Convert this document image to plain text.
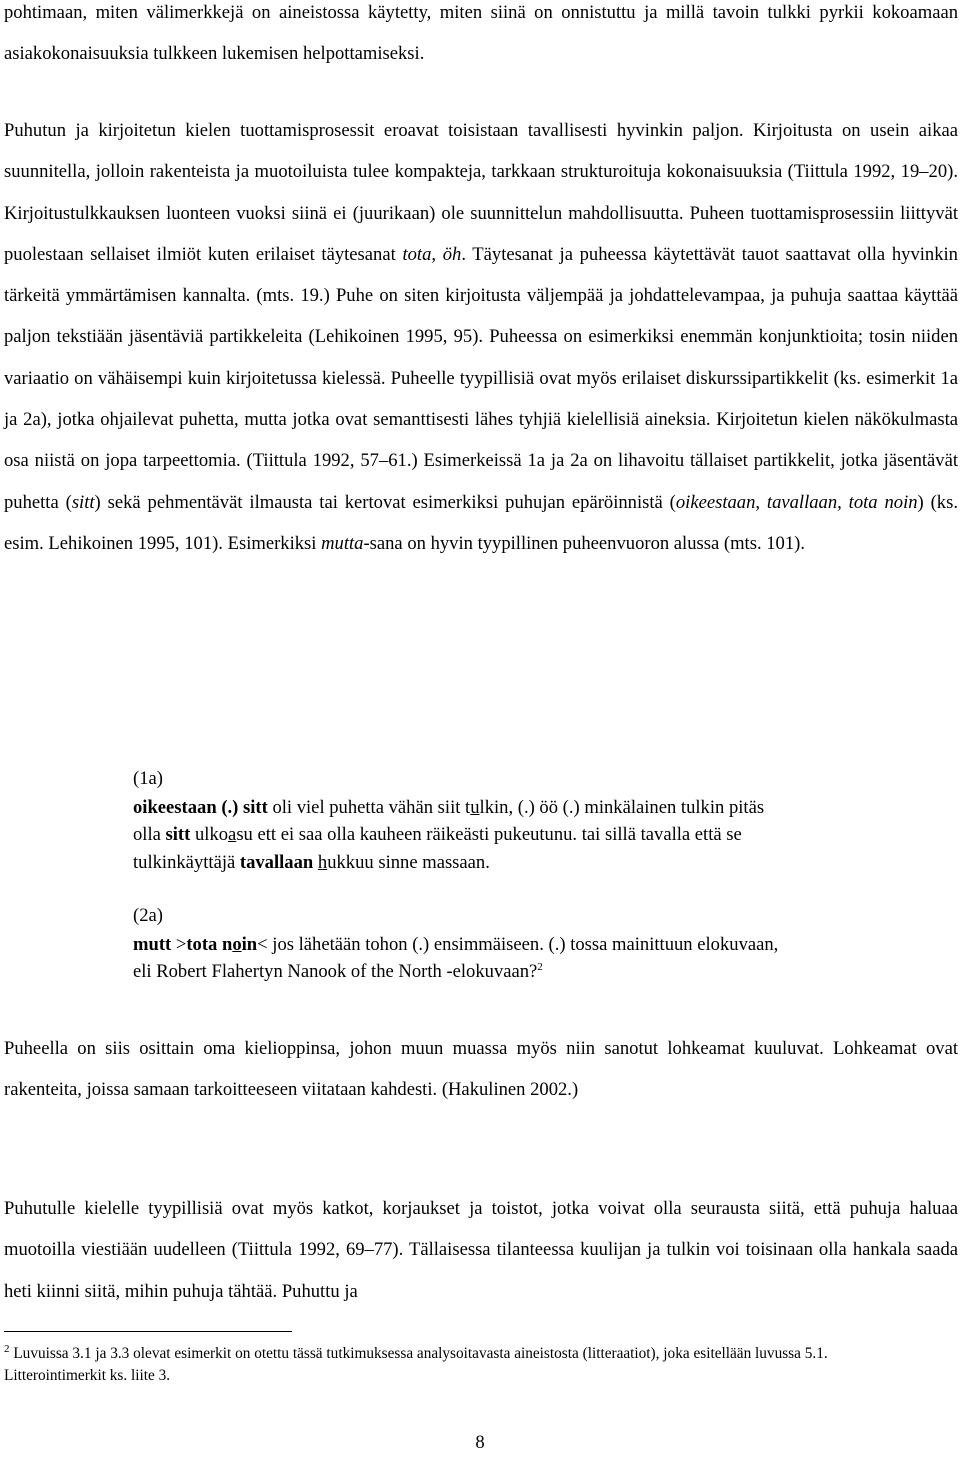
pohtimaan, miten välimerkkejä on aineistossa käytetty, miten siinä on onnistuttu ja millä tavoin tulkki pyrkii kokoamaan asiakokonaisuuksia tulkkeen lukemisen helpottamiseksi.

Puhutun ja kirjoitetun kielen tuottamisprosessit eroavat toisistaan tavallisesti hyvinkin paljon. Kirjoitusta on usein aikaa suunnitella, jolloin rakenteista ja muotoiluista tulee kompakteja, tarkkaan strukturoituja kokonaisuuksia (Tiittula 1992, 19–20). Kirjoitustulkkauksen luonteen vuoksi siinä ei (juurikaan) ole suunnittelun mahdollisuutta. Puheen tuottamisprosessiin liittyvät puolestaan sellaiset ilmiöt kuten erilaiset täytesanat tota, öh. Täytesanat ja puheessa käytettävät tauot saattavat olla hyvinkin tärkeitä ymmärtämisen kannalta. (mts. 19.) Puhe on siten kirjoitusta väljempää ja johdattelevampaa, ja puhuja saattaa käyttää paljon tekstiään jäsentäviä partikkeleita (Lehikoinen 1995, 95). Puheessa on esimerkiksi enemmän konjunktioita; tosin niiden variaatio on vähäisempi kuin kirjoitetussa kielessä. Puheelle tyypillisiä ovat myös erilaiset diskurssipartikkelit (ks. esimerkit 1a ja 2a), jotka ohjailevat puhetta, mutta jotka ovat semanttisesti lähes tyhjiä kielellisiä aineksia. Kirjoitetun kielen näkökulmasta osa niistä on jopa tarpeettomia. (Tiittula 1992, 57–61.) Esimerkeissä 1a ja 2a on lihavoitu tällaiset partikkelit, jotka jäsentävät puhetta (sitt) sekä pehmentävät ilmausta tai kertovat esimerkiksi puhujan epäröinnistä (oikeestaan, tavallaan, tota noin) (ks. esim. Lehikoinen 1995, 101). Esimerkiksi mutta-sana on hyvin tyypillinen puheenvuoron alussa (mts. 101).

(1a)
oikeestaan (.) sitt oli viel puhetta vähän siit tulkin, (.) öö (.) minkälainen tulkin pitäs
olla sitt ulkoasu ett ei saa olla kauheen räikeästi pukeutunu. tai sillä tavalla että se
tulkinkäyttäjä tavallaan hukkuu sinne massaan.
(2a)
mutt >tota noin< jos lähetään tohon (.) ensimmäiseen. (.) tossa mainittuun elokuvaan,
eli Robert Flahertyn Nanook of the North -elokuvaan?$^2$

Puheella on siis osittain oma kielioppinsa, johon muun muassa myös niin sanotut lohkeamat kuuluvat. Lohkeamat ovat rakenteita, joissa samaan tarkoitteeseen viitataan kahdesti. (Hakulinen 2002.)

Puhutulle kielelle tyypillisiä ovat myös katkot, korjaukset ja toistot, jotka voivat olla seurausta siitä, että puhuja haluaa muotoilla viestiään uudelleen (Tiittula 1992, 69–77). Tällaisessa tilanteessa kuulijan ja tulkin voi toisinaan olla hankala saada heti kiinni siitä, mihin puhuja tähtää. Puhuttu ja

$^2$ Luvuissa 3.1 ja 3.3 olevat esimerkit on otettu tässä tutkimuksessa analysoitavasta aineistosta (litteraatiot), joka esitellään luvussa 5.1. Litterointimerkit ks. liite 3.
8
